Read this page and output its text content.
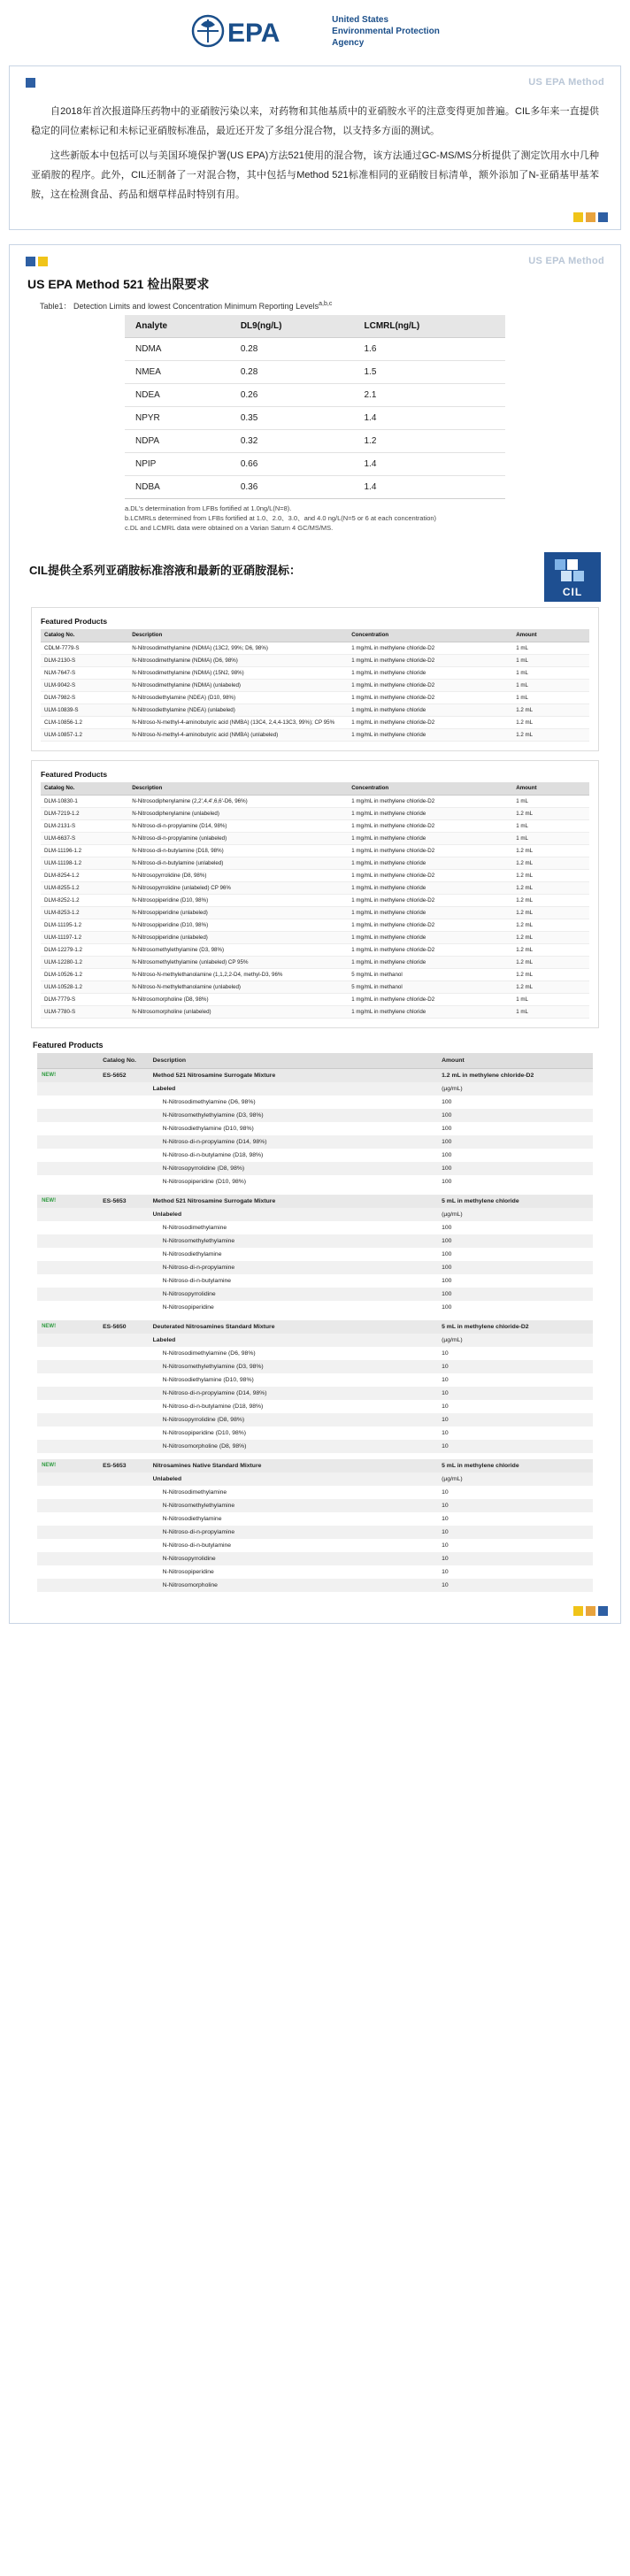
EPA	United States
Environmental Protection
Agency
US EPA Method

自2018年首次报道降压药物中的亚硝胺污染以来，对药物和其他基质中的亚硝胺水平的注意变得更加普遍。CIL多年来一直提供稳定的同位素标记和未标记亚硝胺标准品，最近还开发了多组分混合物，以支持多方面的测试。

这些新版本中包括可以与美国环境保护署(US EPA)方法521使用的混合物，该方法通过GC-MS/MS分析提供了测定饮用水中几种亚硝胺的程序。此外，CIL还制备了一对混合物，其中包括与Method 521标准相同的亚硝胺目标清单，额外添加了N-亚硝基甲基苯胺，这在检测食品、药品和烟草样品时特别有用。

US EPA Method
US EPA Method 521 检出限要求
Table1： Detection Limits and lowest Concentration Minimum Reporting Levels$^{a,b,c}$
Analyte	DL9(ng/L)	LCMRL(ng/L)
NDMA	0.28	1.6
NMEA	0.28	1.5
NDEA	0.26	2.1
NPYR	0.35	1.4
NDPA	0.32	1.2
NPIP	0.66	1.4
NDBA	0.36	1.4
a.DL's determination from LFBs fortified at 1.0ng/L(N=8).
b.LCMRLs determined from LFBs fortified at 1.0、2.0、3.0、and 4.0 ng/L(N=5 or 6 at each concentration)
c.DL and LCMRL data were obtained on a Varian Saturn 4 GC/MS/MS.
CIL提供全系列亚硝胺标准溶液和最新的亚硝胺混标：
CIL
Featured Products
Catalog No.	Description	Concentration	Amount
CDLM-7779-S	N-Nitrosodimethylamine (NDMA) (13C2, 99%; D6, 98%)	1 mg/mL in methylene chloride-D2	1 mL
DLM-2130-S	N-Nitrosodimethylamine (NDMA) (D6, 98%)	1 mg/mL in methylene chloride-D2	1 mL
NLM-7647-S	N-Nitrosodimethylamine (NDMA) (15N2, 98%)	1 mg/mL in methylene chloride	1 mL
ULM-9042-S	N-Nitrosodimethylamine (NDMA) (unlabeled)	1 mg/mL in methylene chloride-D2	1 mL
DLM-7982-S	N-Nitrosodiethylamine (NDEA) (D10, 98%)	1 mg/mL in methylene chloride-D2	1 mL
ULM-10839-S	N-Nitrosodiethylamine (NDEA) (unlabeled)	1 mg/mL in methylene chloride	1.2 mL
CLM-10856-1.2	N-Nitroso-N-methyl-4-aminobutyric acid (NMBA) (13C4, 2,4,4-13C3, 99%); CP 95%	1 mg/mL in methylene chloride-D2	1.2 mL
ULM-10857-1.2	N-Nitroso-N-methyl-4-aminobutyric acid (NMBA) (unlabeled)	1 mg/mL in methylene chloride	1.2 mL
Featured Products
Catalog No.	Description	Concentration	Amount
DLM-10830-1	N-Nitrosodiphenylamine (2,2',4,4',6,6'-D6, 96%)	1 mg/mL in methylene chloride-D2	1 mL
DLM-7219-1.2	N-Nitrosodiphenylamine (unlabeled)	1 mg/mL in methylene chloride	1.2 mL
DLM-2131-S	N-Nitroso-di-n-propylamine (D14, 98%)	1 mg/mL in methylene chloride-D2	1 mL
ULM-6637-S	N-Nitroso-di-n-propylamine (unlabeled)	1 mg/mL in methylene chloride	1 mL
DLM-11196-1.2	N-Nitroso-di-n-butylamine (D18, 98%)	1 mg/mL in methylene chloride-D2	1.2 mL
ULM-11198-1.2	N-Nitroso-di-n-butylamine (unlabeled)	1 mg/mL in methylene chloride	1.2 mL
DLM-8254-1.2	N-Nitrosopyrrolidine (D8, 98%)	1 mg/mL in methylene chloride-D2	1.2 mL
ULM-8255-1.2	N-Nitrosopyrrolidine (unlabeled) CP 96%	1 mg/mL in methylene chloride	1.2 mL
DLM-8252-1.2	N-Nitrosopiperidine (D10, 98%)	1 mg/mL in methylene chloride-D2	1.2 mL
ULM-8253-1.2	N-Nitrosopiperidine (unlabeled)	1 mg/mL in methylene chloride	1.2 mL
DLM-11195-1.2	N-Nitrosopiperidine (D10, 98%)	1 mg/mL in methylene chloride-D2	1.2 mL
ULM-11197-1.2	N-Nitrosopiperidine (unlabeled)	1 mg/mL in methylene chloride	1.2 mL
DLM-12279-1.2	N-Nitrosomethylethylamine (D3, 98%)	1 mg/mL in methylene chloride-D2	1.2 mL
ULM-12280-1.2	N-Nitrosomethylethylamine (unlabeled) CP 95%	1 mg/mL in methylene chloride	1.2 mL
DLM-10526-1.2	N-Nitroso-N-methylethanolamine (1,1,2,2-D4, methyl-D3, 96%	5 mg/mL in methanol	1.2 mL
ULM-10528-1.2	N-Nitroso-N-methylethanolamine (unlabeled)	5 mg/mL in methanol	1.2 mL
DLM-7779-S	N-Nitrosomorpholine (D8, 98%)	1 mg/mL in methylene chloride-D2	1 mL
ULM-7780-S	N-Nitrosomorpholine (unlabeled)	1 mg/mL in methylene chloride	1 mL
Featured Products
	Catalog No.	Description	Amount
NEW!	ES-5652	Method 521 Nitrosamine Surrogate Mixture	1.2 mL in methylene chloride-D2
		Labeled	(µg/mL)
		N-Nitrosodimethylamine (D6, 98%)	100
		N-Nitrosomethylethylamine (D3, 98%)	100
		N-Nitrosodiethylamine (D10, 98%)	100
		N-Nitroso-di-n-propylamine (D14, 98%)	100
		N-Nitroso-di-n-butylamine (D18, 98%)	100
		N-Nitrosopyrrolidine (D8, 98%)	100
		N-Nitrosopiperidine (D10, 98%)	100

NEW!	ES-5653	Method 521 Nitrosamine Surrogate Mixture	5 mL in methylene chloride
		Unlabeled	(µg/mL)
		N-Nitrosodimethylamine	100
		N-Nitrosomethylethylamine	100
		N-Nitrosodiethylamine	100
		N-Nitroso-di-n-propylamine	100
		N-Nitroso-di-n-butylamine	100
		N-Nitrosopyrrolidine	100
		N-Nitrosopiperidine	100

NEW!	ES-5650	Deuterated Nitrosamines Standard Mixture	5 mL in methylene chloride-D2
		Labeled	(µg/mL)
		N-Nitrosodimethylamine (D6, 98%)	10
		N-Nitrosomethylethylamine (D3, 98%)	10
		N-Nitrosodiethylamine (D10, 98%)	10
		N-Nitroso-di-n-propylamine (D14, 98%)	10
		N-Nitroso-di-n-butylamine (D18, 98%)	10
		N-Nitrosopyrrolidine (D8, 98%)	10
		N-Nitrosopiperidine (D10, 98%)	10
		N-Nitrosomorpholine (D8, 98%)	10

NEW!	ES-5653	Nitrosamines Native Standard Mixture	5 mL in methylene chloride
		Unlabeled	(µg/mL)
		N-Nitrosodimethylamine	10
		N-Nitrosomethylethylamine	10
		N-Nitrosodiethylamine	10
		N-Nitroso-di-n-propylamine	10
		N-Nitroso-di-n-butylamine	10
		N-Nitrosopyrrolidine	10
		N-Nitrosopiperidine	10
		N-Nitrosomorpholine	10
